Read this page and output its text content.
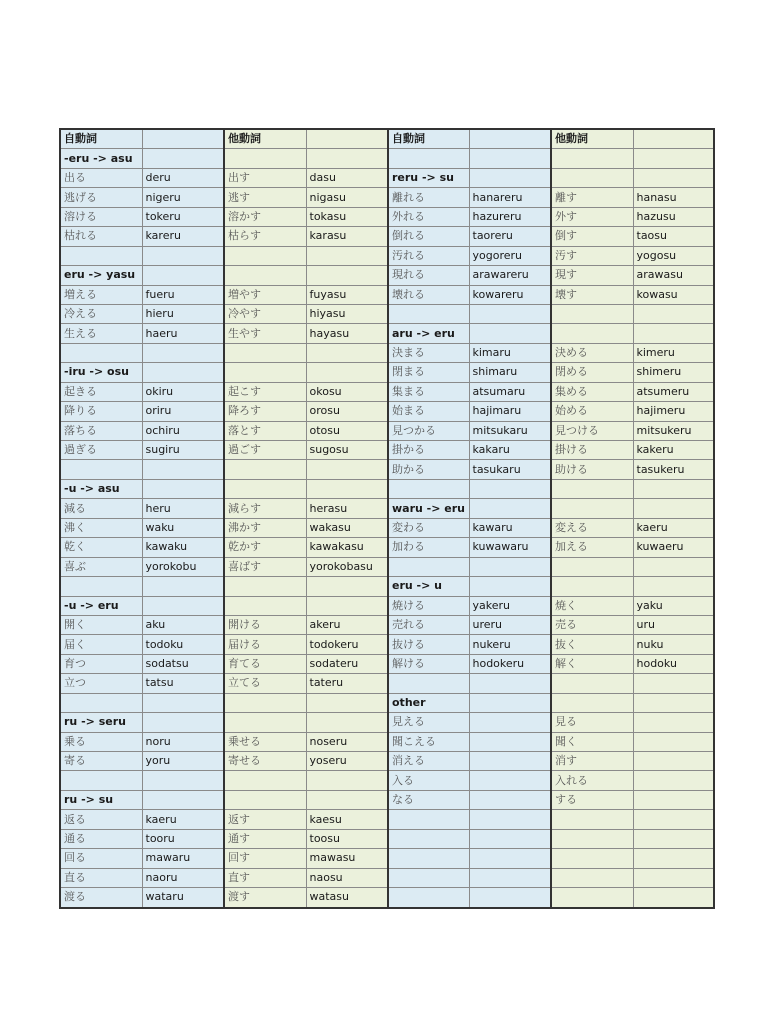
自動詞		他動詞		自動詞		他動詞	
-eru -> asu							
出る	deru	出す	dasu	reru -> su			
逃げる	nigeru	逃す	nigasu	離れる	hanareru	離す	hanasu
溶ける	tokeru	溶かす	tokasu	外れる	hazureru	外す	hazusu
枯れる	kareru	枯らす	karasu	倒れる	taoreru	倒す	taosu
				汚れる	yogoreru	汚す	yogosu
eru -> yasu				現れる	arawareru	現す	arawasu
増える	fueru	増やす	fuyasu	壊れる	kowareru	壊す	kowasu
冷える	hieru	冷やす	hiyasu				
生える	haeru	生やす	hayasu	aru -> eru			
				決まる	kimaru	決める	kimeru
-iru -> osu				閉まる	shimaru	閉める	shimeru
起きる	okiru	起こす	okosu	集まる	atsumaru	集める	atsumeru
降りる	oriru	降ろす	orosu	始まる	hajimaru	始める	hajimeru
落ちる	ochiru	落とす	otosu	見つかる	mitsukaru	見つける	mitsukeru
過ぎる	sugiru	過ごす	sugosu	掛かる	kakaru	掛ける	kakeru
				助かる	tasukaru	助ける	tasukeru
-u -> asu							
減る	heru	減らす	herasu	waru -> eru			
沸く	waku	沸かす	wakasu	変わる	kawaru	変える	kaeru
乾く	kawaku	乾かす	kawakasu	加わる	kuwawaru	加える	kuwaeru
喜ぶ	yorokobu	喜ばす	yorokobasu				
				eru -> u			
-u -> eru				焼ける	yakeru	焼く	yaku
開く	aku	開ける	akeru	売れる	ureru	売る	uru
届く	todoku	届ける	todokeru	抜ける	nukeru	抜く	nuku
育つ	sodatsu	育てる	sodateru	解ける	hodokeru	解く	hodoku
立つ	tatsu	立てる	tateru				
				other			
ru -> seru				見える		見る	
乗る	noru	乗せる	noseru	聞こえる		聞く	
寄る	yoru	寄せる	yoseru	消える		消す	
				入る		入れる	
ru -> su				なる		する	
返る	kaeru	返す	kaesu				
通る	tooru	通す	toosu				
回る	mawaru	回す	mawasu				
直る	naoru	直す	naosu				
渡る	wataru	渡す	watasu				
